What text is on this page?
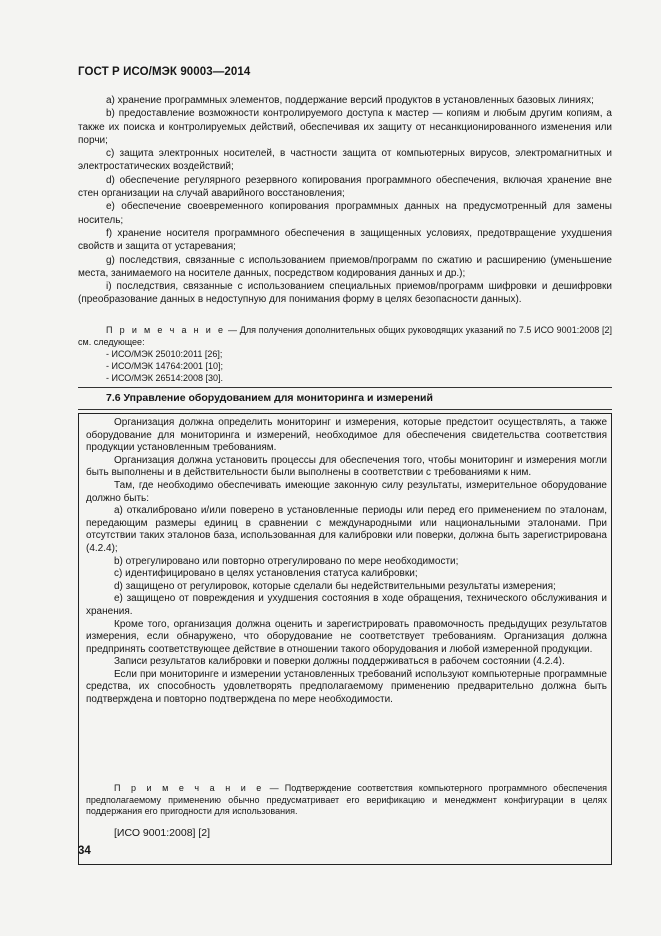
ГОСТ Р ИСО/МЭК 90003—2014

a) хранение программных элементов, поддержание версий продуктов в установленных базовых линиях;

b) предоставление возможности контролируемого доступа к мастер — копиям и любым другим копиям, а также их поиска и контролируемых действий, обеспечивая их защиту от несанкционированного изменения или порчи;

c) защита электронных носителей, в частности защита от компьютерных вирусов, электромагнитных и электростатических воздействий;

d) обеспечение регулярного резервного копирования программного обеспечения, включая хранение вне стен организации на случай аварийного восстановления;

e) обеспечение своевременного копирования программных данных на предусмотренный для замены носитель;

f) хранение носителя программного обеспечения в защищенных условиях, предотвращение ухудшения свойств и защита от устаревания;

g) последствия, связанные с использованием приемов/программ по сжатию и расширению (уменьшение места, занимаемого на носителе данных, посредством кодирования данных и др.);

i) последствия, связанные с использованием специальных приемов/программ шифровки и дешифровки (преобразование данных в недоступную для понимания форму в целях безопасности данных).

П р и м е ч а н и е — Для получения дополнительных общих руководящих указаний по 7.5 ИСО 9001:2008 [2] см. следующее:

- ИСО/МЭК 25010:2011 [26];
- ИСО/МЭК 14764:2001 [10];
- ИСО/МЭК 26514:2008 [30].
7.6 Управление оборудованием для мониторинга и измерений

Организация должна определить мониторинг и измерения, которые предстоит осуществлять, а также оборудование для мониторинга и измерений, необходимое для обеспечения свидетельства соответствия продукции установленным требованиям.

Организация должна установить процессы для обеспечения того, чтобы мониторинг и измерения могли быть выполнены и в действительности были выполнены в соответствии с требованиями к ним.

Там, где необходимо обеспечивать имеющие законную силу результаты, измерительное оборудование должно быть:

a) откалибровано и/или поверено в установленные периоды или перед его применением по эталонам, передающим размеры единиц в сравнении с международными или национальными эталонами. При отсутствии таких эталонов база, использованная для калибровки или поверки, должна быть зарегистрирована (4.2.4);

b) отрегулировано или повторно отрегулировано по мере необходимости;

c) идентифицировано в целях установления статуса калибровки;

d) защищено от регулировок, которые сделали бы недействительными результаты измерения;

e) защищено от повреждения и ухудшения состояния в ходе обращения, технического обслуживания и хранения.

Кроме того, организация должна оценить и зарегистрировать правомочность предыдущих результатов измерения, если обнаружено, что оборудование не соответствует требованиям. Организация должна предпринять соответствующее действие в отношении такого оборудования и любой измеренной продукции.

Записи результатов калибровки и поверки должны поддерживаться в рабочем состоянии (4.2.4).

Если при мониторинге и измерении установленных требований используют компьютерные программные средства, их способность удовлетворять предполагаемому применению предварительно должна быть подтверждена и повторно подтверждена по мере необходимости.

П р и м е ч а н и е — Подтверждение соответствия компьютерного программного обеспечения предполагаемому применению обычно предусматривает его верификацию и менеджмент конфигурации в целях поддержания его пригодности для использования.

[ИСО 9001:2008] [2]
34
